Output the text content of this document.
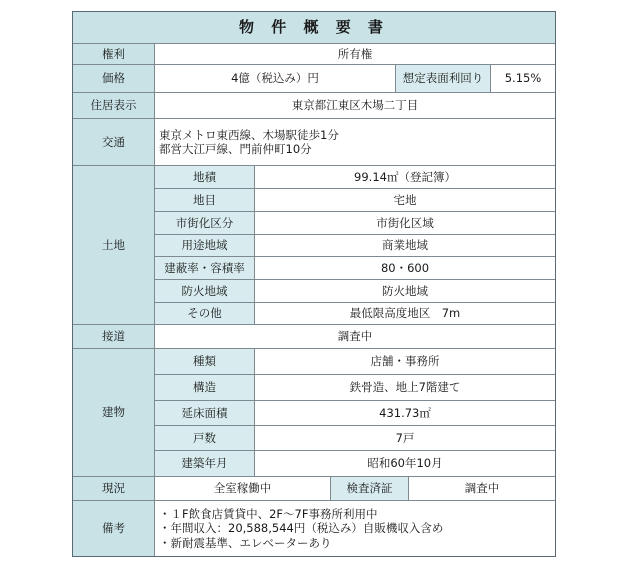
物 件 概 要 書
権利	所有権
価格	4億（税込み）円	想定表面利回り	5.15%
住居表示	東京都江東区木場二丁目
交通
東京メトロ東西線、木場駅徒歩1分
都営大江戸線、門前仲町10分
土地
地積	99.14㎡（登記簿）
地目	宅地
市街化区分	市街化区域
用途地域	商業地域
建蔽率・容積率	80・600
防火地域	防火地域
その他	最低限高度地区　7m
接道	調査中
建物
種類	店舗・事務所
構造	鉄骨造、地上7階建て
延床面積	431.73㎡
戸数	7戸
建築年月	昭和60年10月
現況	全室稼働中	検査済証	調査中
備考
・１F飲食店賃貸中、2F～7F事務所利用中
・年間収入：20,588,544円（税込み）自販機収入含め
・新耐震基準、エレベーターあり
